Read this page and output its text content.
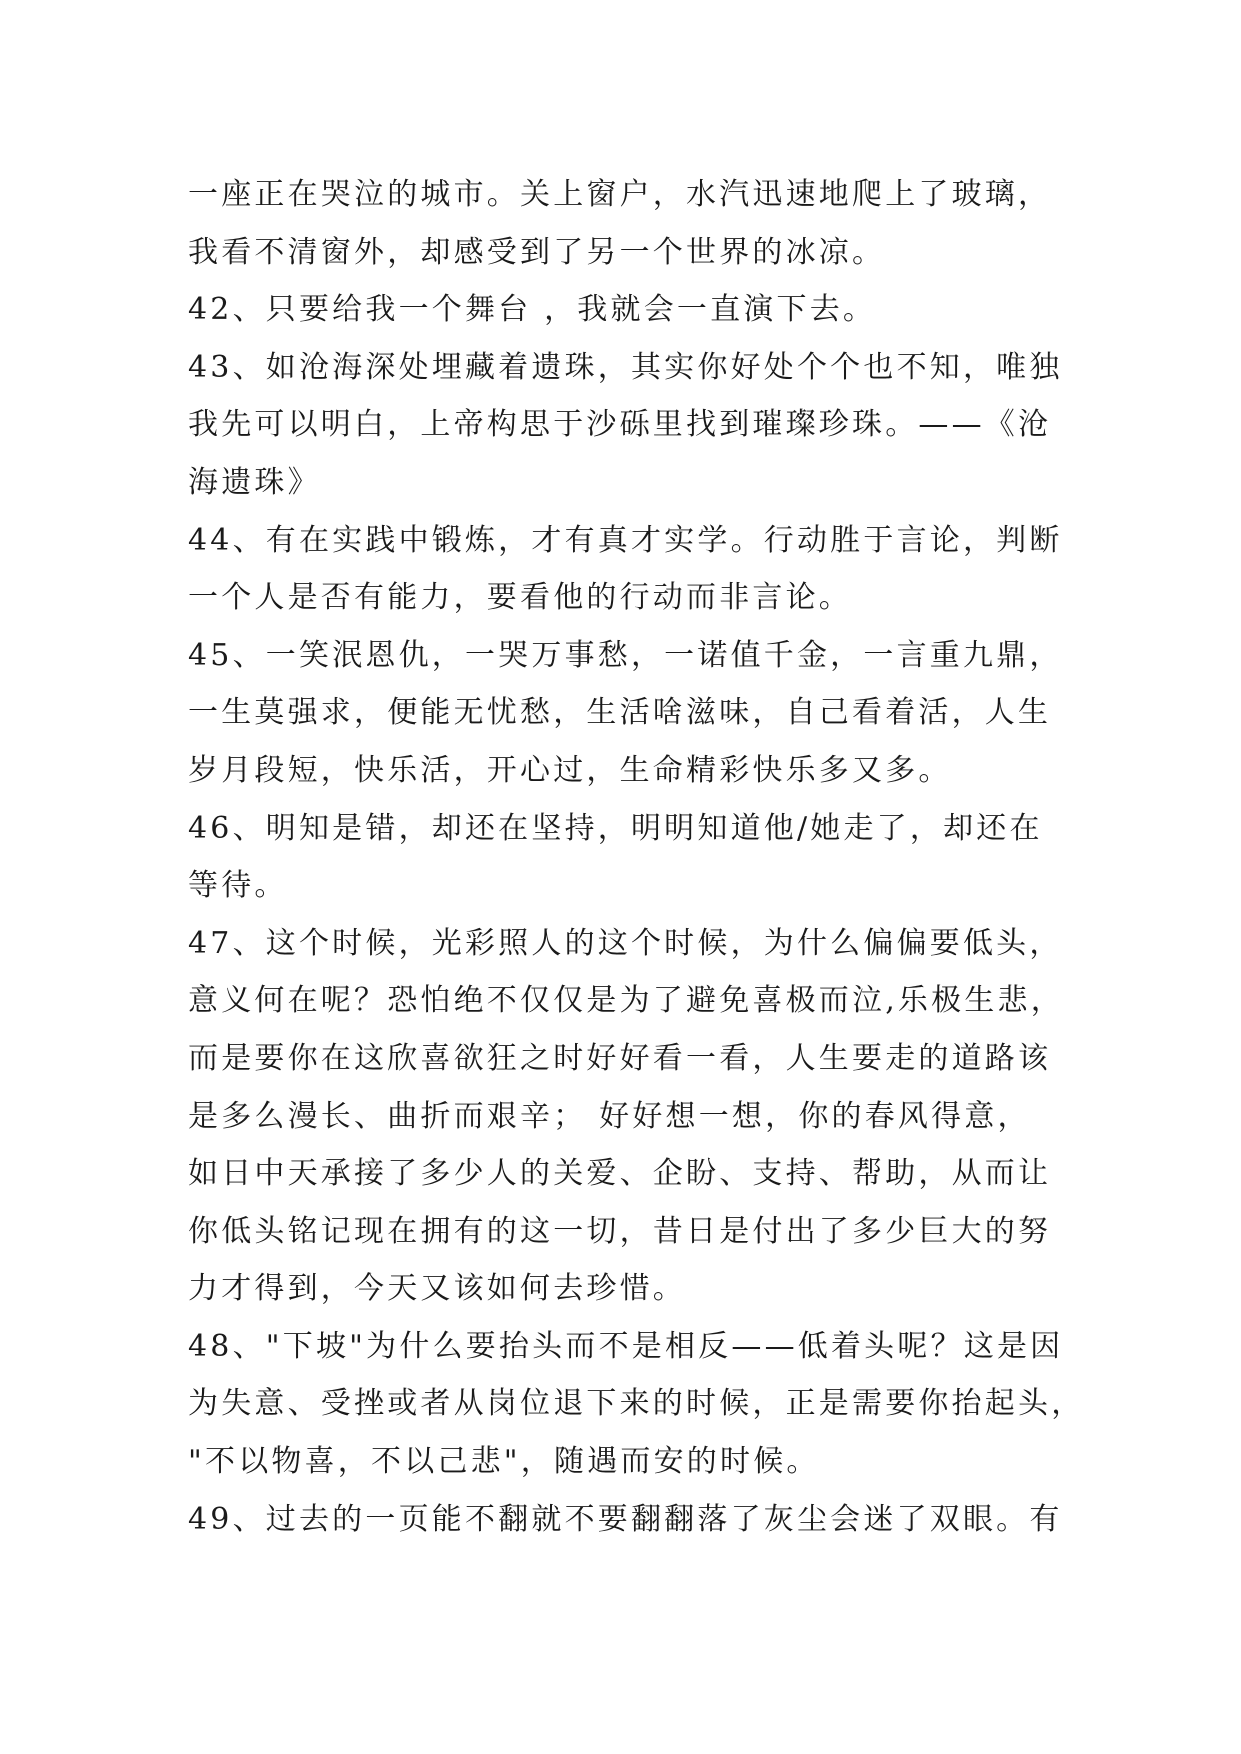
一座正在哭泣的城市。关上窗户，水汽迅速地爬上了玻璃，
我看不清窗外，却感受到了另一个世界的冰凉。
42、只要给我一个舞台 ，我就会一直演下去。
43、如沧海深处埋藏着遗珠，其实你好处个个也不知，唯独
我先可以明白，上帝构思于沙砾里找到璀璨珍珠。——《沧
海遗珠》
44、有在实践中锻炼，才有真才实学。行动胜于言论，判断
一个人是否有能力，要看他的行动而非言论。
45、一笑泯恩仇，一哭万事愁，一诺值千金，一言重九鼎，
一生莫强求，便能无忧愁，生活啥滋味，自己看着活，人生
岁月段短，快乐活，开心过，生命精彩快乐多又多。
46、明知是错，却还在坚持，明明知道他/她走了，却还在
等待。
47、这个时候，光彩照人的这个时候，为什么偏偏要低头，
意义何在呢？恐怕绝不仅仅是为了避免喜极而泣,乐极生悲，
而是要你在这欣喜欲狂之时好好看一看，人生要走的道路该
是多么漫长、曲折而艰辛； 好好想一想，你的春风得意，
如日中天承接了多少人的关爱、企盼、支持、帮助，从而让
你低头铭记现在拥有的这一切，昔日是付出了多少巨大的努
力才得到，今天又该如何去珍惜。
48、"下坡"为什么要抬头而不是相反——低着头呢？这是因
为失意、受挫或者从岗位退下来的时候，正是需要你抬起头，
"不以物喜，不以己悲"，随遇而安的时候。
49、过去的一页能不翻就不要翻翻落了灰尘会迷了双眼。有
